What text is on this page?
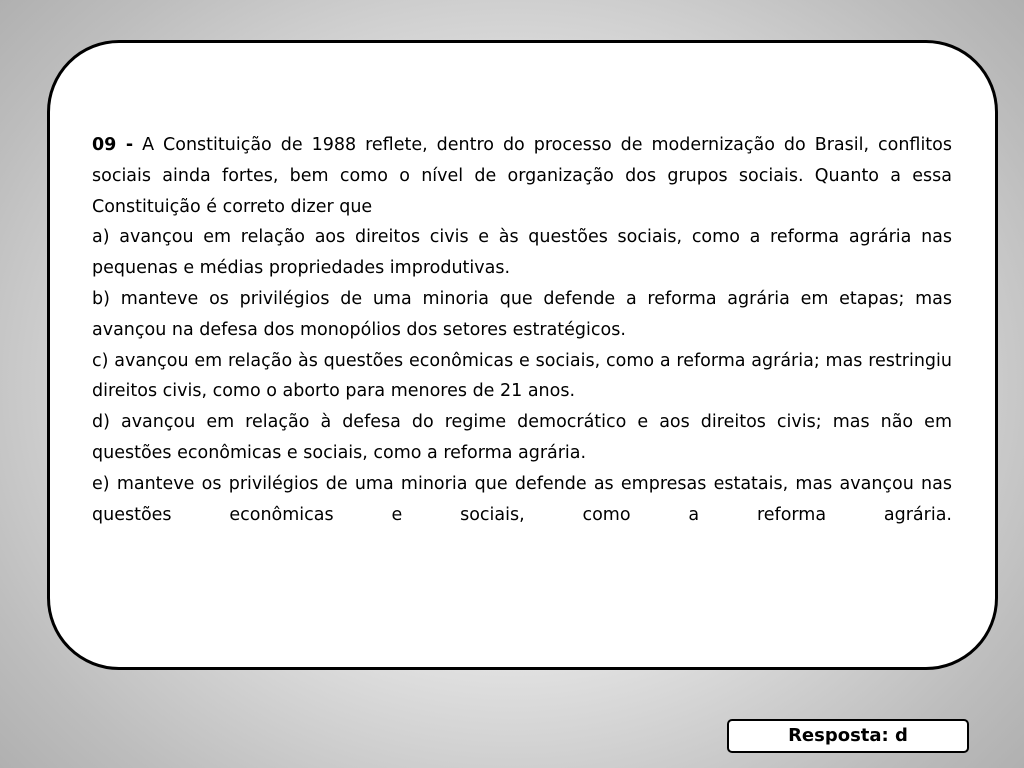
09 - A Constituição de 1988 reflete, dentro do processo de modernização do Brasil, conflitos sociais ainda fortes, bem como o nível de organização dos grupos sociais. Quanto a essa Constituição é correto dizer que

a) avançou em relação aos direitos civis e às questões sociais, como a reforma agrária nas pequenas e médias propriedades improdutivas.

b) manteve os privilégios de uma minoria que defende a reforma agrária em etapas; mas avançou na defesa dos monopólios dos setores estratégicos.

c) avançou em relação às questões econômicas e sociais, como a reforma agrária; mas restringiu direitos civis, como o aborto para menores de 21 anos.

d) avançou em relação à defesa do regime democrático e aos direitos civis; mas não em questões econômicas e sociais, como a reforma agrária.

e) manteve os privilégios de uma minoria que defende as empresas estatais, mas avançou nas questões econômicas e sociais, como a reforma agrária.

Resposta: d
